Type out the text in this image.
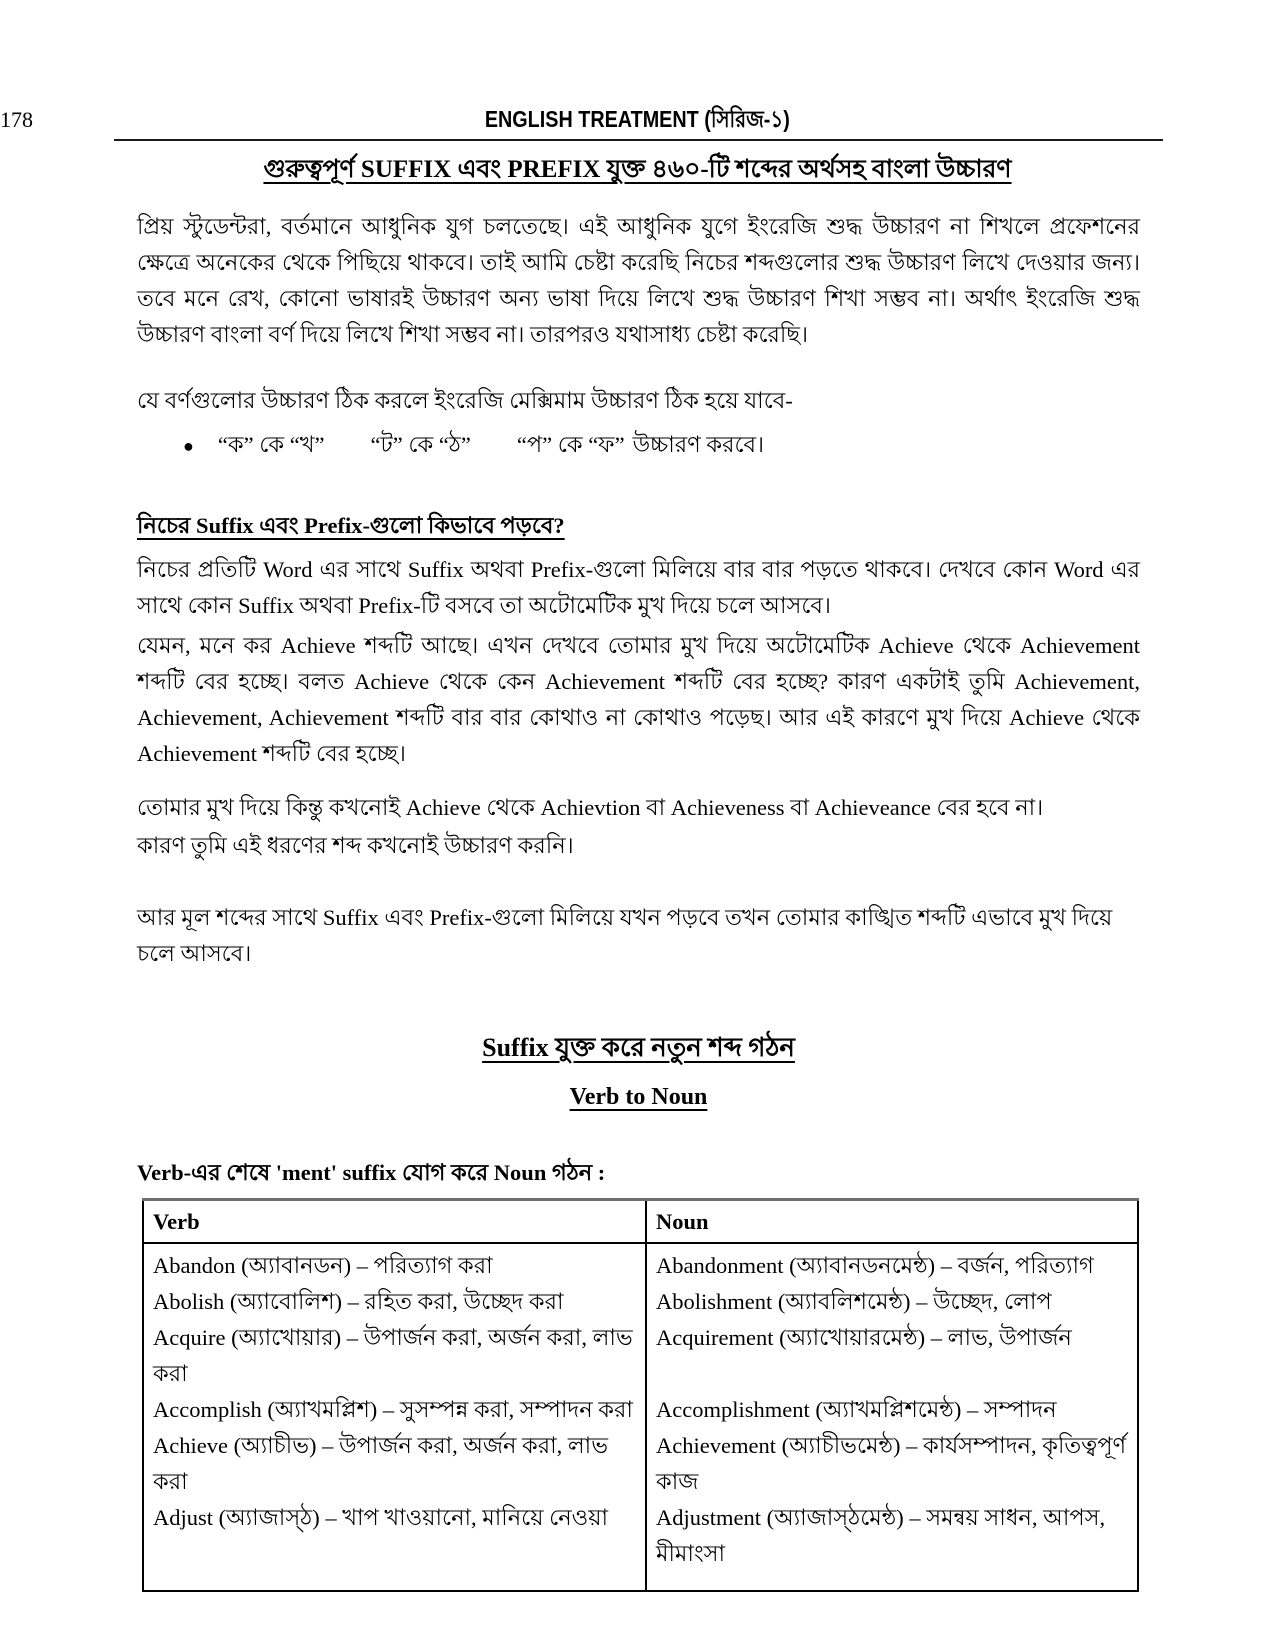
178	ENGLISH TREATMENT (সিরিজ-১)
গুরুত্বপূর্ণ SUFFIX এবং PREFIX যুক্ত ৪৬০-টি শব্দের অর্থসহ বাংলা উচ্চারণ
প্রিয় স্টুডেন্টরা, বর্তমানে আধুনিক যুগ চলতেছে। এই আধুনিক যুগে ইংরেজি শুদ্ধ উচ্চারণ না শিখলে প্রফেশনের ক্ষেত্রে অনেকের থেকে পিছিয়ে থাকবে। তাই আমি চেষ্টা করেছি নিচের শব্দগুলোর শুদ্ধ উচ্চারণ লিখে দেওয়ার জন্য। তবে মনে রেখ, কোনো ভাষারই উচ্চারণ অন্য ভাষা দিয়ে লিখে শুদ্ধ উচ্চারণ শিখা সম্ভব না। অর্থাৎ ইংরেজি শুদ্ধ উচ্চারণ বাংলা বর্ণ দিয়ে লিখে শিখা সম্ভব না। তারপরও যথাসাধ্য চেষ্টা করেছি।
যে বর্ণগুলোর উচ্চারণ ঠিক করলে ইংরেজি মেক্সিমাম উচ্চারণ ঠিক হয়ে যাবে-
● “ক” কে “খ” “ট” কে “ঠ” “প” কে “ফ” উচ্চারণ করবে।
নিচের Suffix এবং Prefix-গুলো কিভাবে পড়বে?
নিচের প্রতিটি Word এর সাথে Suffix অথবা Prefix-গুলো মিলিয়ে বার বার পড়তে থাকবে। দেখবে কোন Word এর সাথে কোন Suffix অথবা Prefix-টি বসবে তা অটোমেটিক মুখ দিয়ে চলে আসবে।
যেমন, মনে কর Achieve শব্দটি আছে। এখন দেখবে তোমার মুখ দিয়ে অটোমেটিক Achieve থেকে Achievement শব্দটি বের হচ্ছে। বলত Achieve থেকে কেন Achievement শব্দটি বের হচ্ছে? কারণ একটাই তুমি Achievement, Achievement, Achievement শব্দটি বার বার কোথাও না কোথাও পড়েছ। আর এই কারণে মুখ দিয়ে Achieve থেকে Achievement শব্দটি বের হচ্ছে।
তোমার মুখ দিয়ে কিন্তু কখনোই Achieve থেকে Achievtion বা Achieveness বা Achieveance বের হবে না।
কারণ তুমি এই ধরণের শব্দ কখনোই উচ্চারণ করনি।
আর মূল শব্দের সাথে Suffix এবং Prefix-গুলো মিলিয়ে যখন পড়বে তখন তোমার কাঙ্খিত শব্দটি এভাবে মুখ দিয়ে চলে আসবে।
Suffix যুক্ত করে নতুন শব্দ গঠন
Verb to Noun
Verb-এর শেষে 'ment' suffix যোগ করে Noun গঠন :
Verb	Noun
Abandon (অ্যাবানডন) – পরিত্যাগ করা	Abandonment (অ্যাবানডনমেন্ঠ) – বর্জন, পরিত্যাগ
Abolish (অ্যাবোলিশ) – রহিত করা, উচ্ছেদ করা	Abolishment (অ্যাবলিশমেন্ঠ) – উচ্ছেদ, লোপ
Acquire (অ্যাখোয়ার) – উপার্জন করা, অর্জন করা, লাভ করা	Acquirement (অ্যাখোয়ারমেন্ঠ) – লাভ, উপার্জন
Accomplish (অ্যাখমপ্লিশ) – সুসম্পন্ন করা, সম্পাদন করা	Accomplishment (অ্যাখমপ্লিশমেন্ঠ) – সম্পাদন
Achieve (অ্যাচীভ) – উপার্জন করা, অর্জন করা, লাভ করা	Achievement (অ্যাচীভমেন্ঠ) – কার্যসম্পাদন, কৃতিত্বপূর্ণ কাজ
Adjust (অ্যাজাস্ঠ) – খাপ খাওয়ানো, মানিয়ে নেওয়া	Adjustment (অ্যাজাস্ঠমেন্ঠ) – সমন্বয় সাধন, আপস, মীমাংসা
